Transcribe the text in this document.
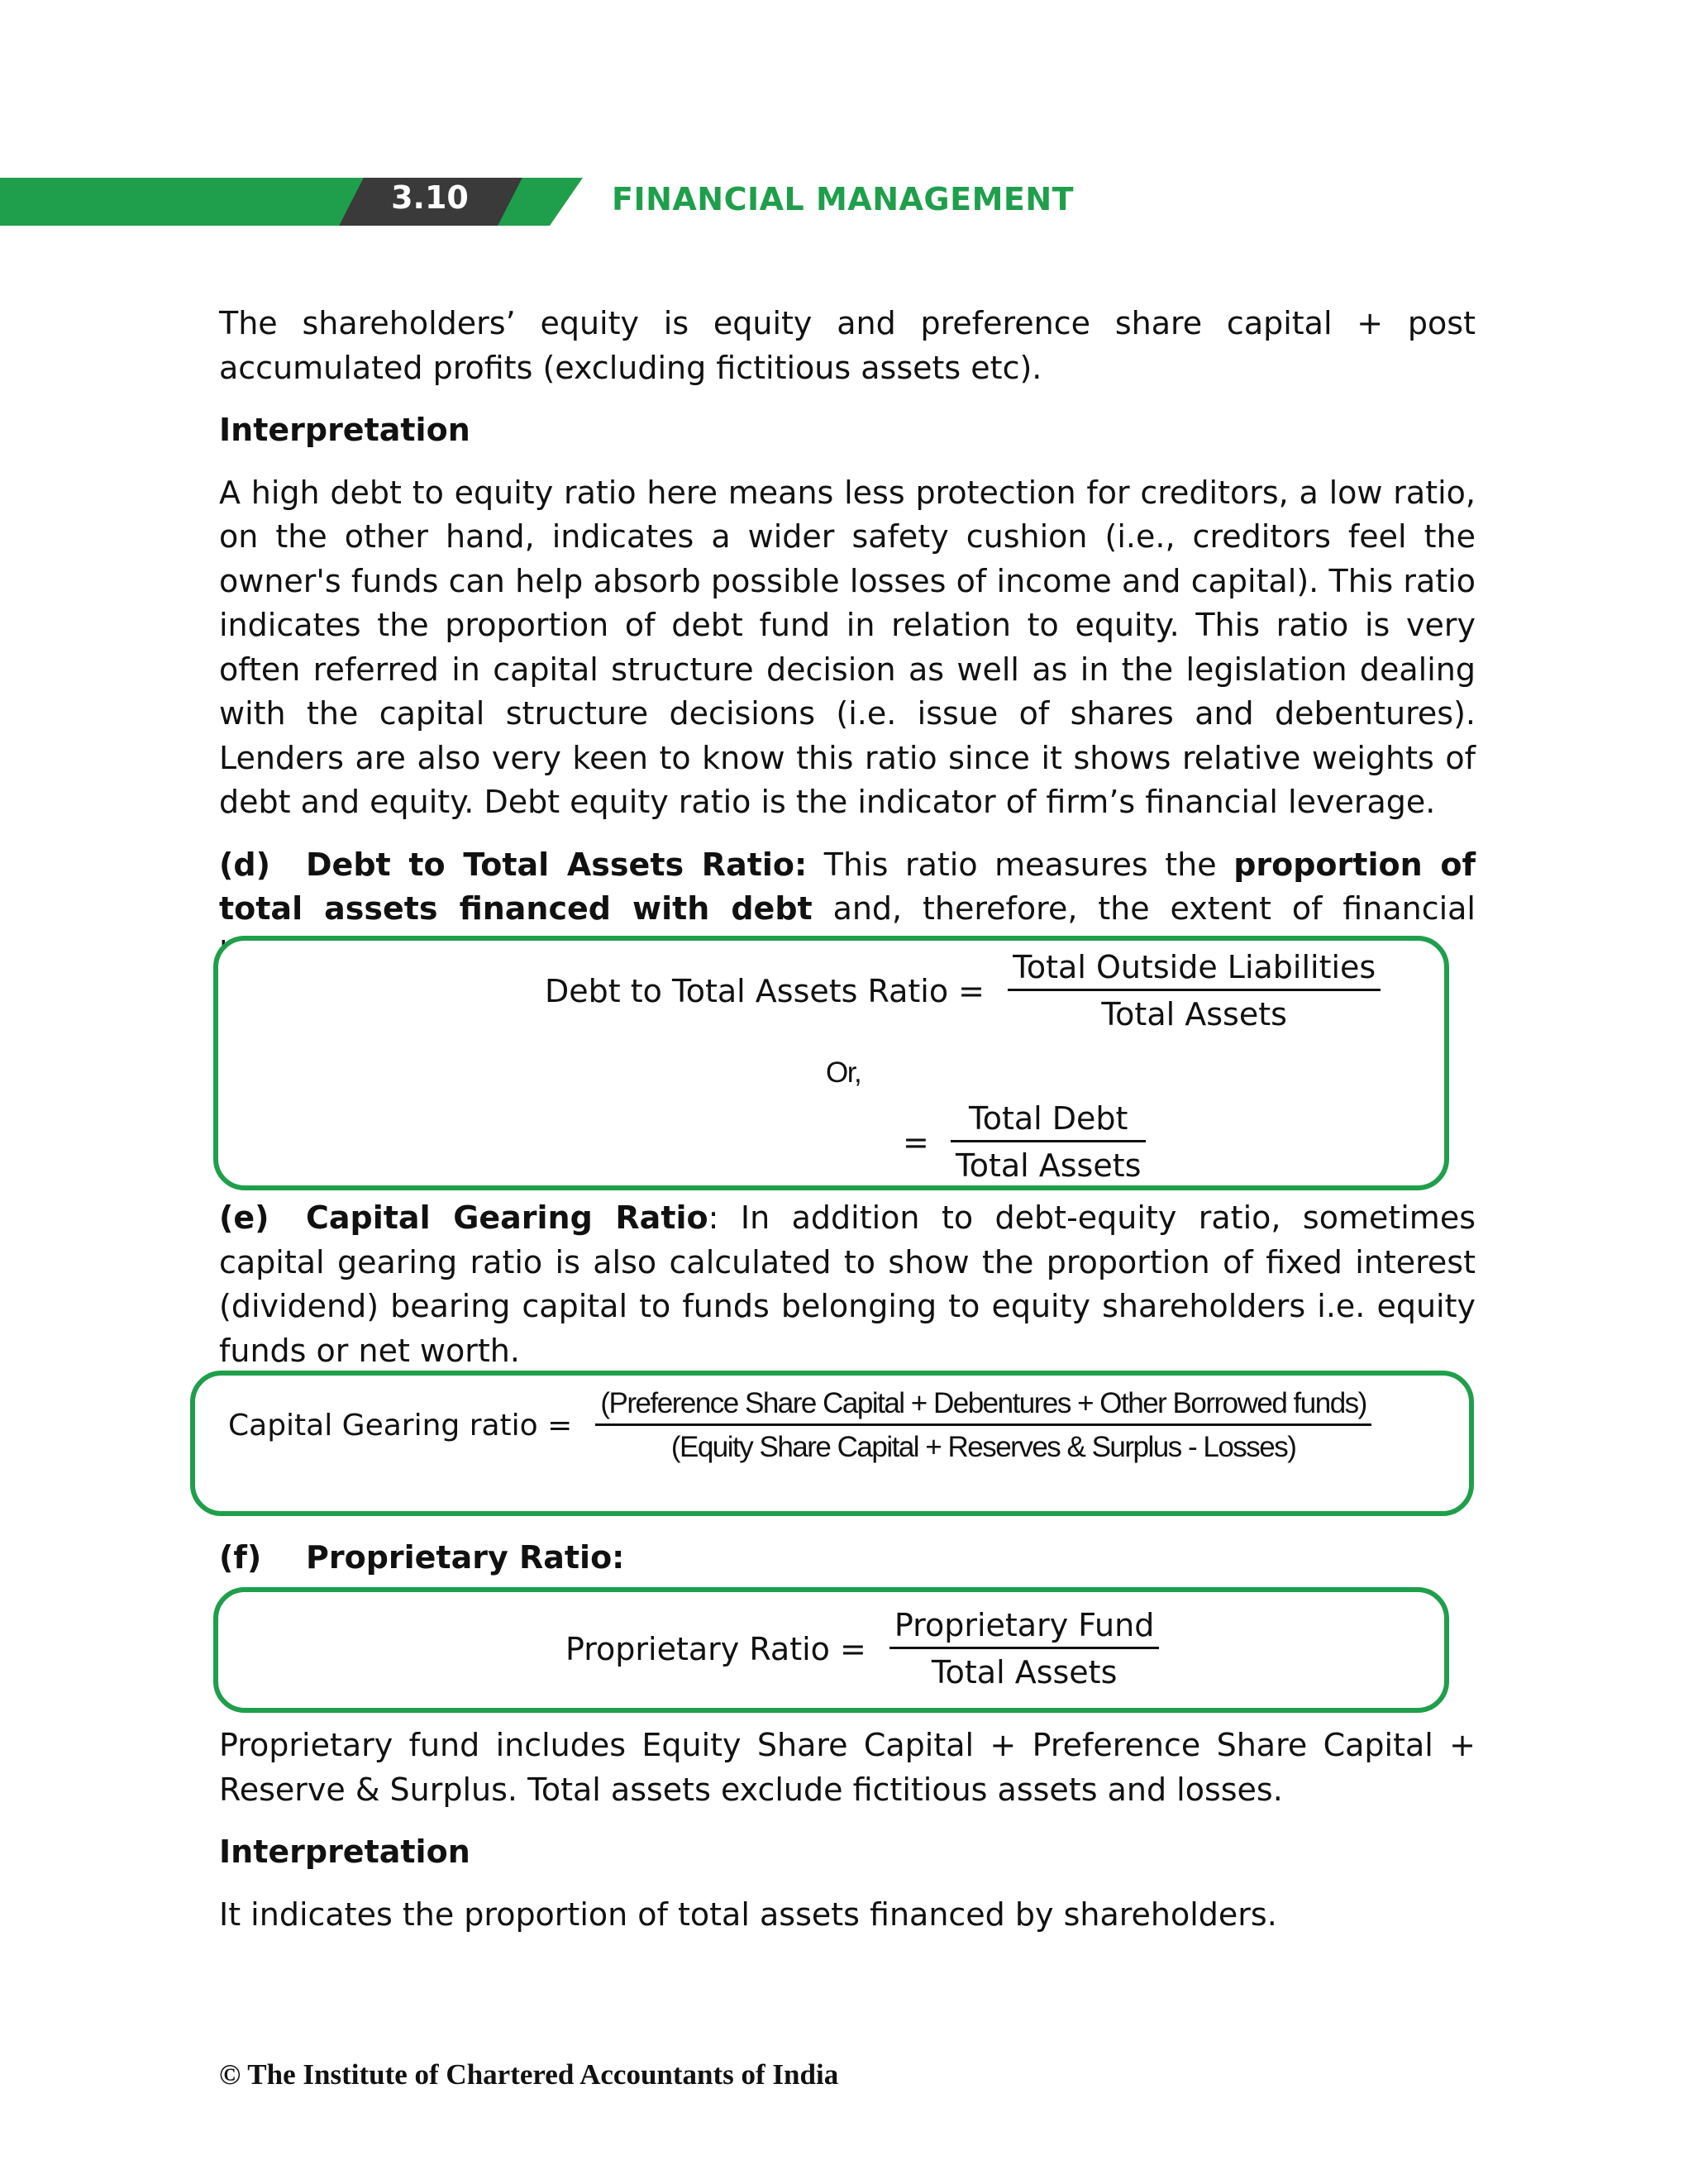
3.10	FINANCIAL MANAGEMENT

The shareholders’ equity is equity and preference share capital + post accumulated profits (excluding fictitious assets etc).

Interpretation

A high debt to equity ratio here means less protection for creditors, a low ratio, on the other hand, indicates a wider safety cushion (i.e., creditors feel the owner's funds can help absorb possible losses of income and capital). This ratio indicates the proportion of debt fund in relation to equity. This ratio is very often referred in capital structure decision as well as in the legislation dealing with the capital structure decisions (i.e. issue of shares and debentures). Lenders are also very keen to know this ratio since it shows relative weights of debt and equity. Debt equity ratio is the indicator of firm’s financial leverage.

(d) Debt to Total Assets Ratio: This ratio measures the proportion of total assets financed with debt and, therefore, the extent of financial

Debt to Total Assets Ratio = $\frac{\text{Total Outside Liabilities}}{\text{Total Assets}}$
Or,
= $\frac{\text{Total Debt}}{\text{Total Assets}}$

(e) Capital Gearing Ratio: In addition to debt-equity ratio, sometimes capital gearing ratio is also calculated to show the proportion of fixed interest (dividend) bearing capital to funds belonging to equity shareholders i.e. equity funds or net worth.

Capital Gearing ratio =
(Preference Share Capital + Debentures + Other Borrowed funds)
(Equity Share Capital + Reserves & Surplus - Losses)

(f) Proprietary Ratio:

Proprietary Ratio = $\frac{\text{Proprietary Fund}}{\text{Total Assets}}$

Proprietary fund includes Equity Share Capital + Preference Share Capital + Reserve & Surplus. Total assets exclude fictitious assets and losses.

Interpretation

It indicates the proportion of total assets financed by shareholders.

© The Institute of Chartered Accountants of India
